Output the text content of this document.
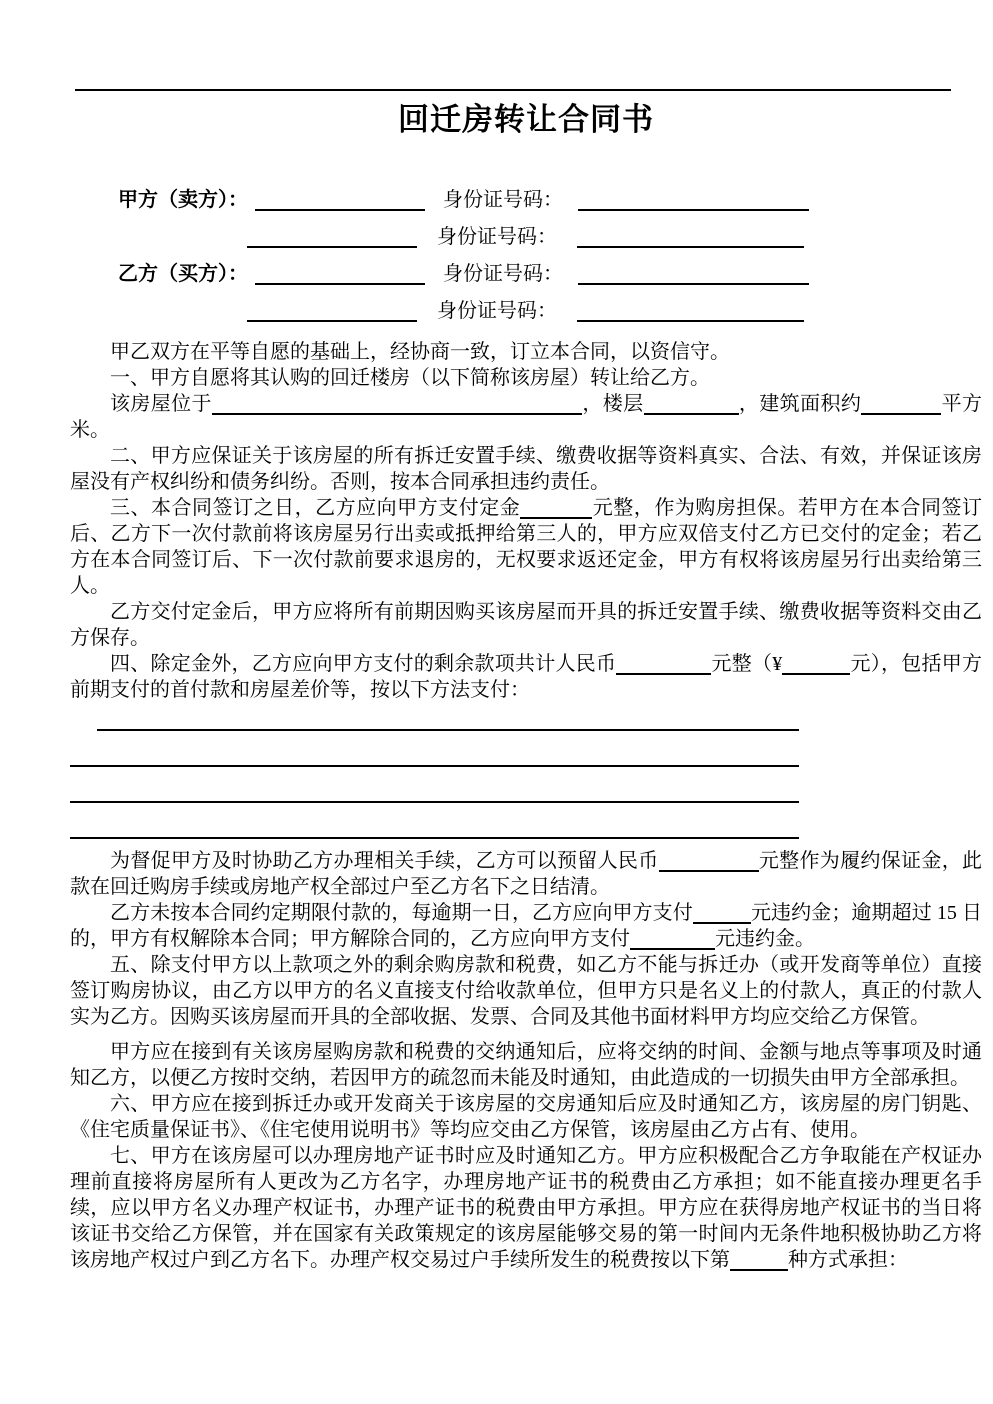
回迁房转让合同书
甲方（卖方）：	身份证号码：
身份证号码：
乙方（买方）：	身份证号码：
身份证号码：

甲乙双方在平等自愿的基础上，经协商一致，订立本合同，以资信守。

一、甲方自愿将其认购的回迁楼房（以下简称该房屋）转让给乙方。

该房屋位于	，楼层	，建筑面积约	平方米。

二、甲方应保证关于该房屋的所有拆迁安置手续、缴费收据等资料真实、合法、有效，并保证该房屋没有产权纠纷和债务纠纷。否则，按本合同承担违约责任。

三、本合同签订之日，乙方应向甲方支付定金	元整，作为购房担保。若甲方在本合同签订后、乙方下一次付款前将该房屋另行出卖或抵押给第三人的，甲方应双倍支付乙方已交付的定金；若乙方在本合同签订后、下一次付款前要求退房的，无权要求返还定金，甲方有权将该房屋另行出卖给第三人。

乙方交付定金后，甲方应将所有前期因购买该房屋而开具的拆迁安置手续、缴费收据等资料交由乙方保存。

四、除定金外，乙方应向甲方支付的剩余款项共计人民币	元整（¥	元），包括甲方前期支付的首付款和房屋差价等，按以下方法支付：

为督促甲方及时协助乙方办理相关手续，乙方可以预留人民币	元整作为履约保证金，此款在回迁购房手续或房地产权全部过户至乙方名下之日结清。

乙方未按本合同约定期限付款的，每逾期一日，乙方应向甲方支付	元违约金；逾期超过 15 日的，甲方有权解除本合同；甲方解除合同的，乙方应向甲方支付	元违约金。

五、除支付甲方以上款项之外的剩余购房款和税费，如乙方不能与拆迁办（或开发商等单位）直接签订购房协议，由乙方以甲方的名义直接支付给收款单位，但甲方只是名义上的付款人，真正的付款人实为乙方。因购买该房屋而开具的全部收据、发票、合同及其他书面材料甲方均应交给乙方保管。

甲方应在接到有关该房屋购房款和税费的交纳通知后，应将交纳的时间、金额与地点等事项及时通知乙方，以便乙方按时交纳，若因甲方的疏忽而未能及时通知，由此造成的一切损失由甲方全部承担。

六、甲方应在接到拆迁办或开发商关于该房屋的交房通知后应及时通知乙方，该房屋的房门钥匙、《住宅质量保证书》、《住宅使用说明书》等均应交由乙方保管，该房屋由乙方占有、使用。

七、甲方在该房屋可以办理房地产证书时应及时通知乙方。甲方应积极配合乙方争取能在产权证办理前直接将房屋所有人更改为乙方名字，办理房地产证书的税费由乙方承担；如不能直接办理更名手续，应以甲方名义办理产权证书，办理产证书的税费由甲方承担。甲方应在获得房地产权证书的当日将该证书交给乙方保管，并在国家有关政策规定的该房屋能够交易的第一时间内无条件地积极协助乙方将该房地产权过户到乙方名下。办理产权交易过户手续所发生的税费按以下第	种方式承担：
